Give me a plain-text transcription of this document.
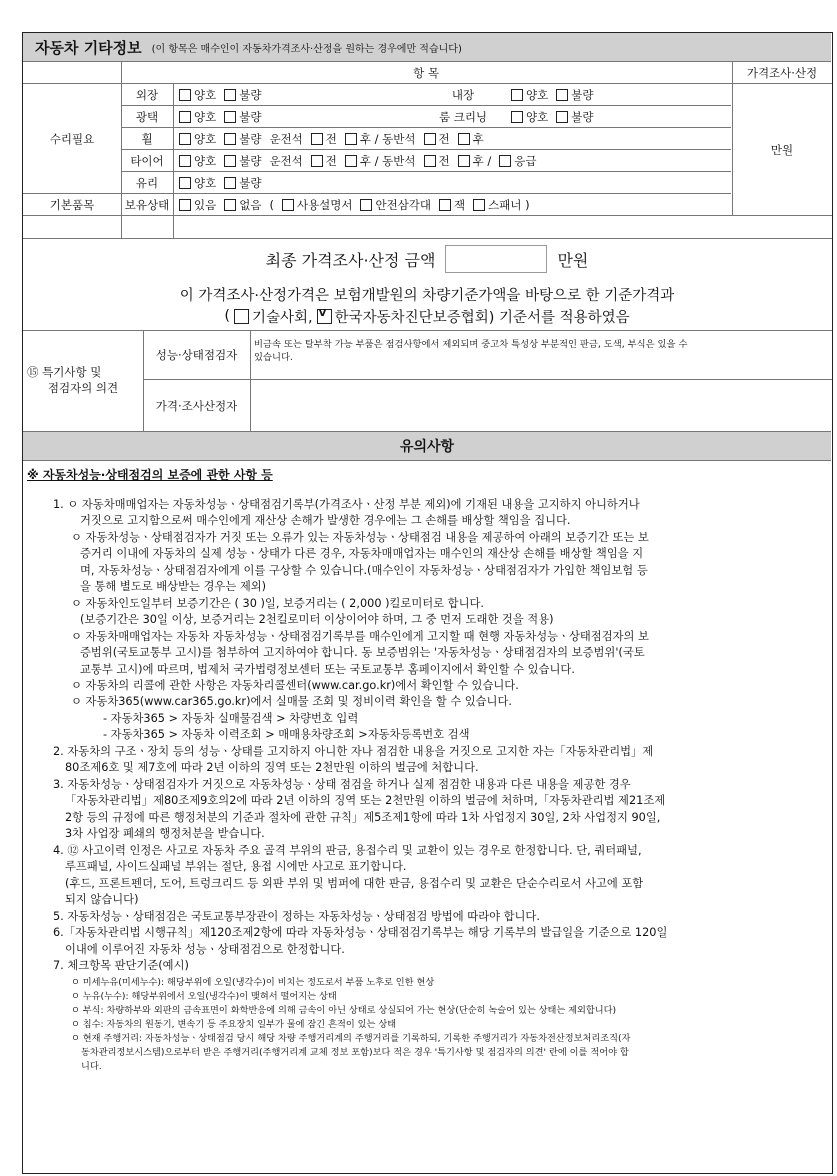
자동차 기타정보 (이 항목은 매수인이 자동차가격조사·산정을 원하는 경우에만 적습니다)
항 목	가격조사·산정
수리필요
만원
외장	양호 불량	내장	양호 불량
광택	양호 불량	룸 크리닝	양호 불량
휠	양호 불량 운전석 전 후 / 동반석 전 후
타이어	양호 불량 운전석 전 후 / 동반석 전 후 / 응급
유리	양호 불량
기본품목	보유상태 있음 없음 ( 사용설명서 안전삼각대 잭 스패너 )
최종 가격조사·산정 금액	만원
이 가격조사·산정가격은 보험개발원의 차량기준가액을 바탕으로 한 기준가격과
( 기술사회,
V 한국자동차진단보증협회) 기준서를 적용하였음
⑮ 특기사항 및
점검자의 의견
성능·상태점검자
비금속 또는 탈부착 가능 부품은 점검사항에서 제외되며 중고차 특성상 부분적인 판금, 도색, 부식은 있을 수
있습니다.
가격·조사산정자
유의사항
※ 자동차성능·상태점검의 보증에 관한 사항 등
1. ㅇ 자동차매매업자는 자동차성능ㆍ상태점검기록부(가격조사ㆍ산정 부분 제외)에 기재된 내용을 고지하지 아니하거나
거짓으로 고지함으로써 매수인에게 재산상 손해가 발생한 경우에는 그 손해를 배상할 책임을 집니다.
ㅇ 자동차성능ㆍ상태점검자가 거짓 또는 오류가 있는 자동차성능ㆍ상태점검 내용을 제공하여 아래의 보증기간 또는 보
증거리 이내에 자동차의 실제 성능ㆍ상태가 다른 경우, 자동차매매업자는 매수인의 재산상 손해를 배상할 책임을 지
며, 자동차성능ㆍ상태점검자에게 이를 구상할 수 있습니다.(매수인이 자동차성능ㆍ상태점검자가 가입한 책임보험 등
을 통해 별도로 배상받는 경우는 제외)
ㅇ 자동차인도일부터 보증기간은 ( 30 )일, 보증거리는 ( 2,000 )킬로미터로 합니다.
(보증기간은 30일 이상, 보증거리는 2천킬로미터 이상이어야 하며, 그 중 먼저 도래한 것을 적용)
ㅇ 자동차매매업자는 자동차 자동차성능ㆍ상태점검기록부를 매수인에게 고지할 때 현행 자동차성능ㆍ상태점검자의 보
증범위(국토교통부 고시)를 첨부하여 고지하여야 합니다. 동 보증범위는 '자동차성능ㆍ상태점검자의 보증범위'(국토
교통부 고시)에 따르며, 법제처 국가법령정보센터 또는 국토교통부 홈페이지에서 확인할 수 있습니다.
ㅇ 자동차의 리콜에 관한 사항은 자동차리콜센터(www.car.go.kr)에서 확인할 수 있습니다.
ㅇ 자동차365(www.car365.go.kr)에서 실매물 조회 및 정비이력 확인을 할 수 있습니다.
- 자동차365 > 자동차 실매물검색 > 차량번호 입력
- 자동차365 > 자동차 이력조회 > 매매용차량조회 >자동차등록번호 검색
2. 자동차의 구조ㆍ장치 등의 성능ㆍ상태를 고지하지 아니한 자나 점검한 내용을 거짓으로 고지한 자는「자동차관리법」제
80조제6호 및 제7호에 따라 2년 이하의 징역 또는 2천만원 이하의 벌금에 처합니다.
3. 자동차성능ㆍ상태점검자가 거짓으로 자동차성능ㆍ상태 점검을 하거나 실제 점검한 내용과 다른 내용을 제공한 경우
「자동차관리법」제80조제9호의2에 따라 2년 이하의 징역 또는 2천만원 이하의 벌금에 처하며,「자동차관리법 제21조제
2항 등의 규정에 따른 행정처분의 기준과 절차에 관한 규칙」제5조제1항에 따라 1차 사업정지 30일, 2차 사업정지 90일,
3차 사업장 폐쇄의 행정처분을 받습니다.
4. ⑫ 사고이력 인정은 사고로 자동차 주요 골격 부위의 판금, 용접수리 및 교환이 있는 경우로 한정합니다. 단, 쿼터패널,
루프패널, 사이드실패널 부위는 절단, 용접 시에만 사고로 표기합니다.
(후드, 프론트펜더, 도어, 트렁크리드 등 외판 부위 및 범퍼에 대한 판금, 용접수리 및 교환은 단순수리로서 사고에 포함
되지 않습니다)
5. 자동차성능ㆍ상태점검은 국토교통부장관이 정하는 자동차성능ㆍ상태점검 방법에 따라야 합니다.
6.「자동차관리법 시행규칙」제120조제2항에 따라 자동차성능ㆍ상태점검기록부는 해당 기록부의 발급일을 기준으로 120일
이내에 이루어진 자동차 성능ㆍ상태점검으로 한정합니다.
7. 체크항목 판단기준(예시)
ㅇ 미세누유(미세누수): 해당부위에 오일(냉각수)이 비치는 정도로서 부품 노후로 인한 현상
ㅇ 누유(누수): 해당부위에서 오일(냉각수)이 맺혀서 떨어지는 상태
ㅇ 부식: 차량하부와 외판의 금속표면이 화학반응에 의해 금속이 아닌 상태로 상실되어 가는 현상(단순히 녹슬어 있는 상태는 제외합니다)
ㅇ 침수: 자동차의 원동기, 변속기 등 주요장치 일부가 물에 잠긴 흔적이 있는 상태
ㅇ 현재 주행거리: 자동차성능ㆍ상태점검 당시 해당 차량 주행거리계의 주행거리를 기록하되, 기록한 주행거리가 자동차전산정보처리조직(자
동차관리정보시스템)으로부터 받은 주행거리(주행거리계 교체 정보 포함)보다 적은 경우 '특기사항 및 점검자의 의견' 란에 이를 적어야 합
니다.
